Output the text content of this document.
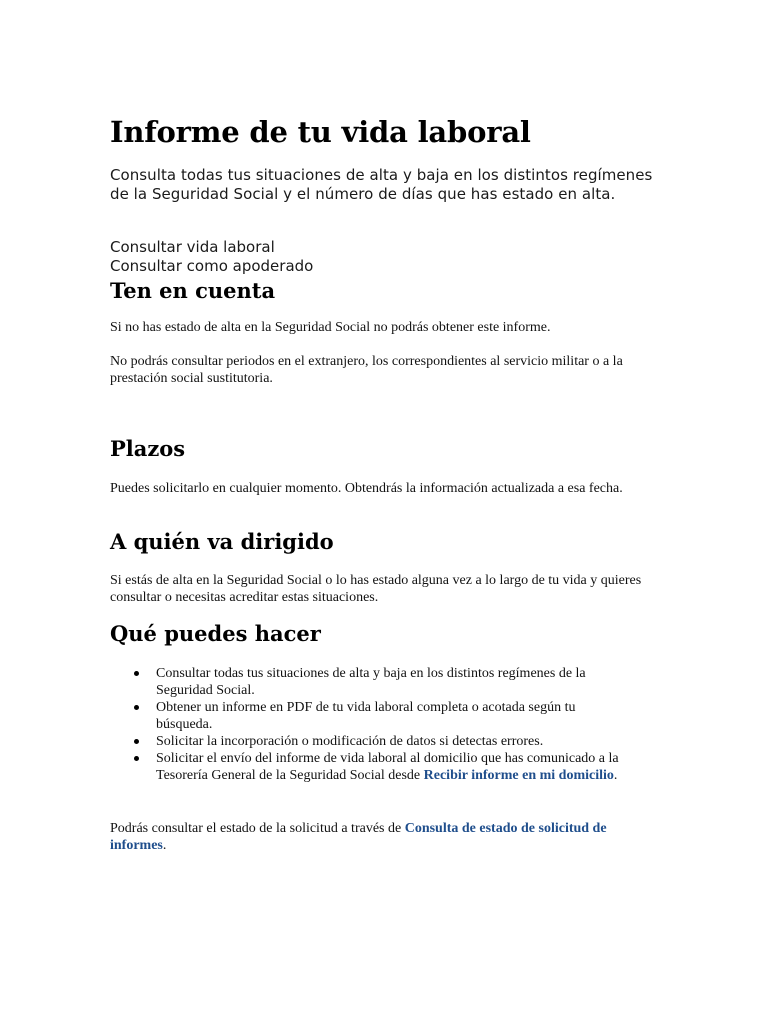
Informe de tu vida laboral

Consulta todas tus situaciones de alta y baja en los distintos regímenes de la Seguridad Social y el número de días que has estado en alta.

Consultar vida laboral
Consultar como apoderado
Ten en cuenta

Si no has estado de alta en la Seguridad Social no podrás obtener este informe.

No podrás consultar periodos en el extranjero, los correspondientes al servicio militar o a la prestación social sustitutoria.

Plazos

Puedes solicitarlo en cualquier momento. Obtendrás la información actualizada a esa fecha.

A quién va dirigido

Si estás de alta en la Seguridad Social o lo has estado alguna vez a lo largo de tu vida y quieres consultar o necesitas acreditar estas situaciones.

Qué puedes hacer
Consultar todas tus situaciones de alta y baja en los distintos regímenes de la Seguridad Social.
Obtener un informe en PDF de tu vida laboral completa o acotada según tu búsqueda.
Solicitar la incorporación o modificación de datos si detectas errores.
Solicitar el envío del informe de vida laboral al domicilio que has comunicado a la Tesorería General de la Seguridad Social desde Recibir informe en mi domicilio.

Podrás consultar el estado de la solicitud a través de Consulta de estado de solicitud de informes.
